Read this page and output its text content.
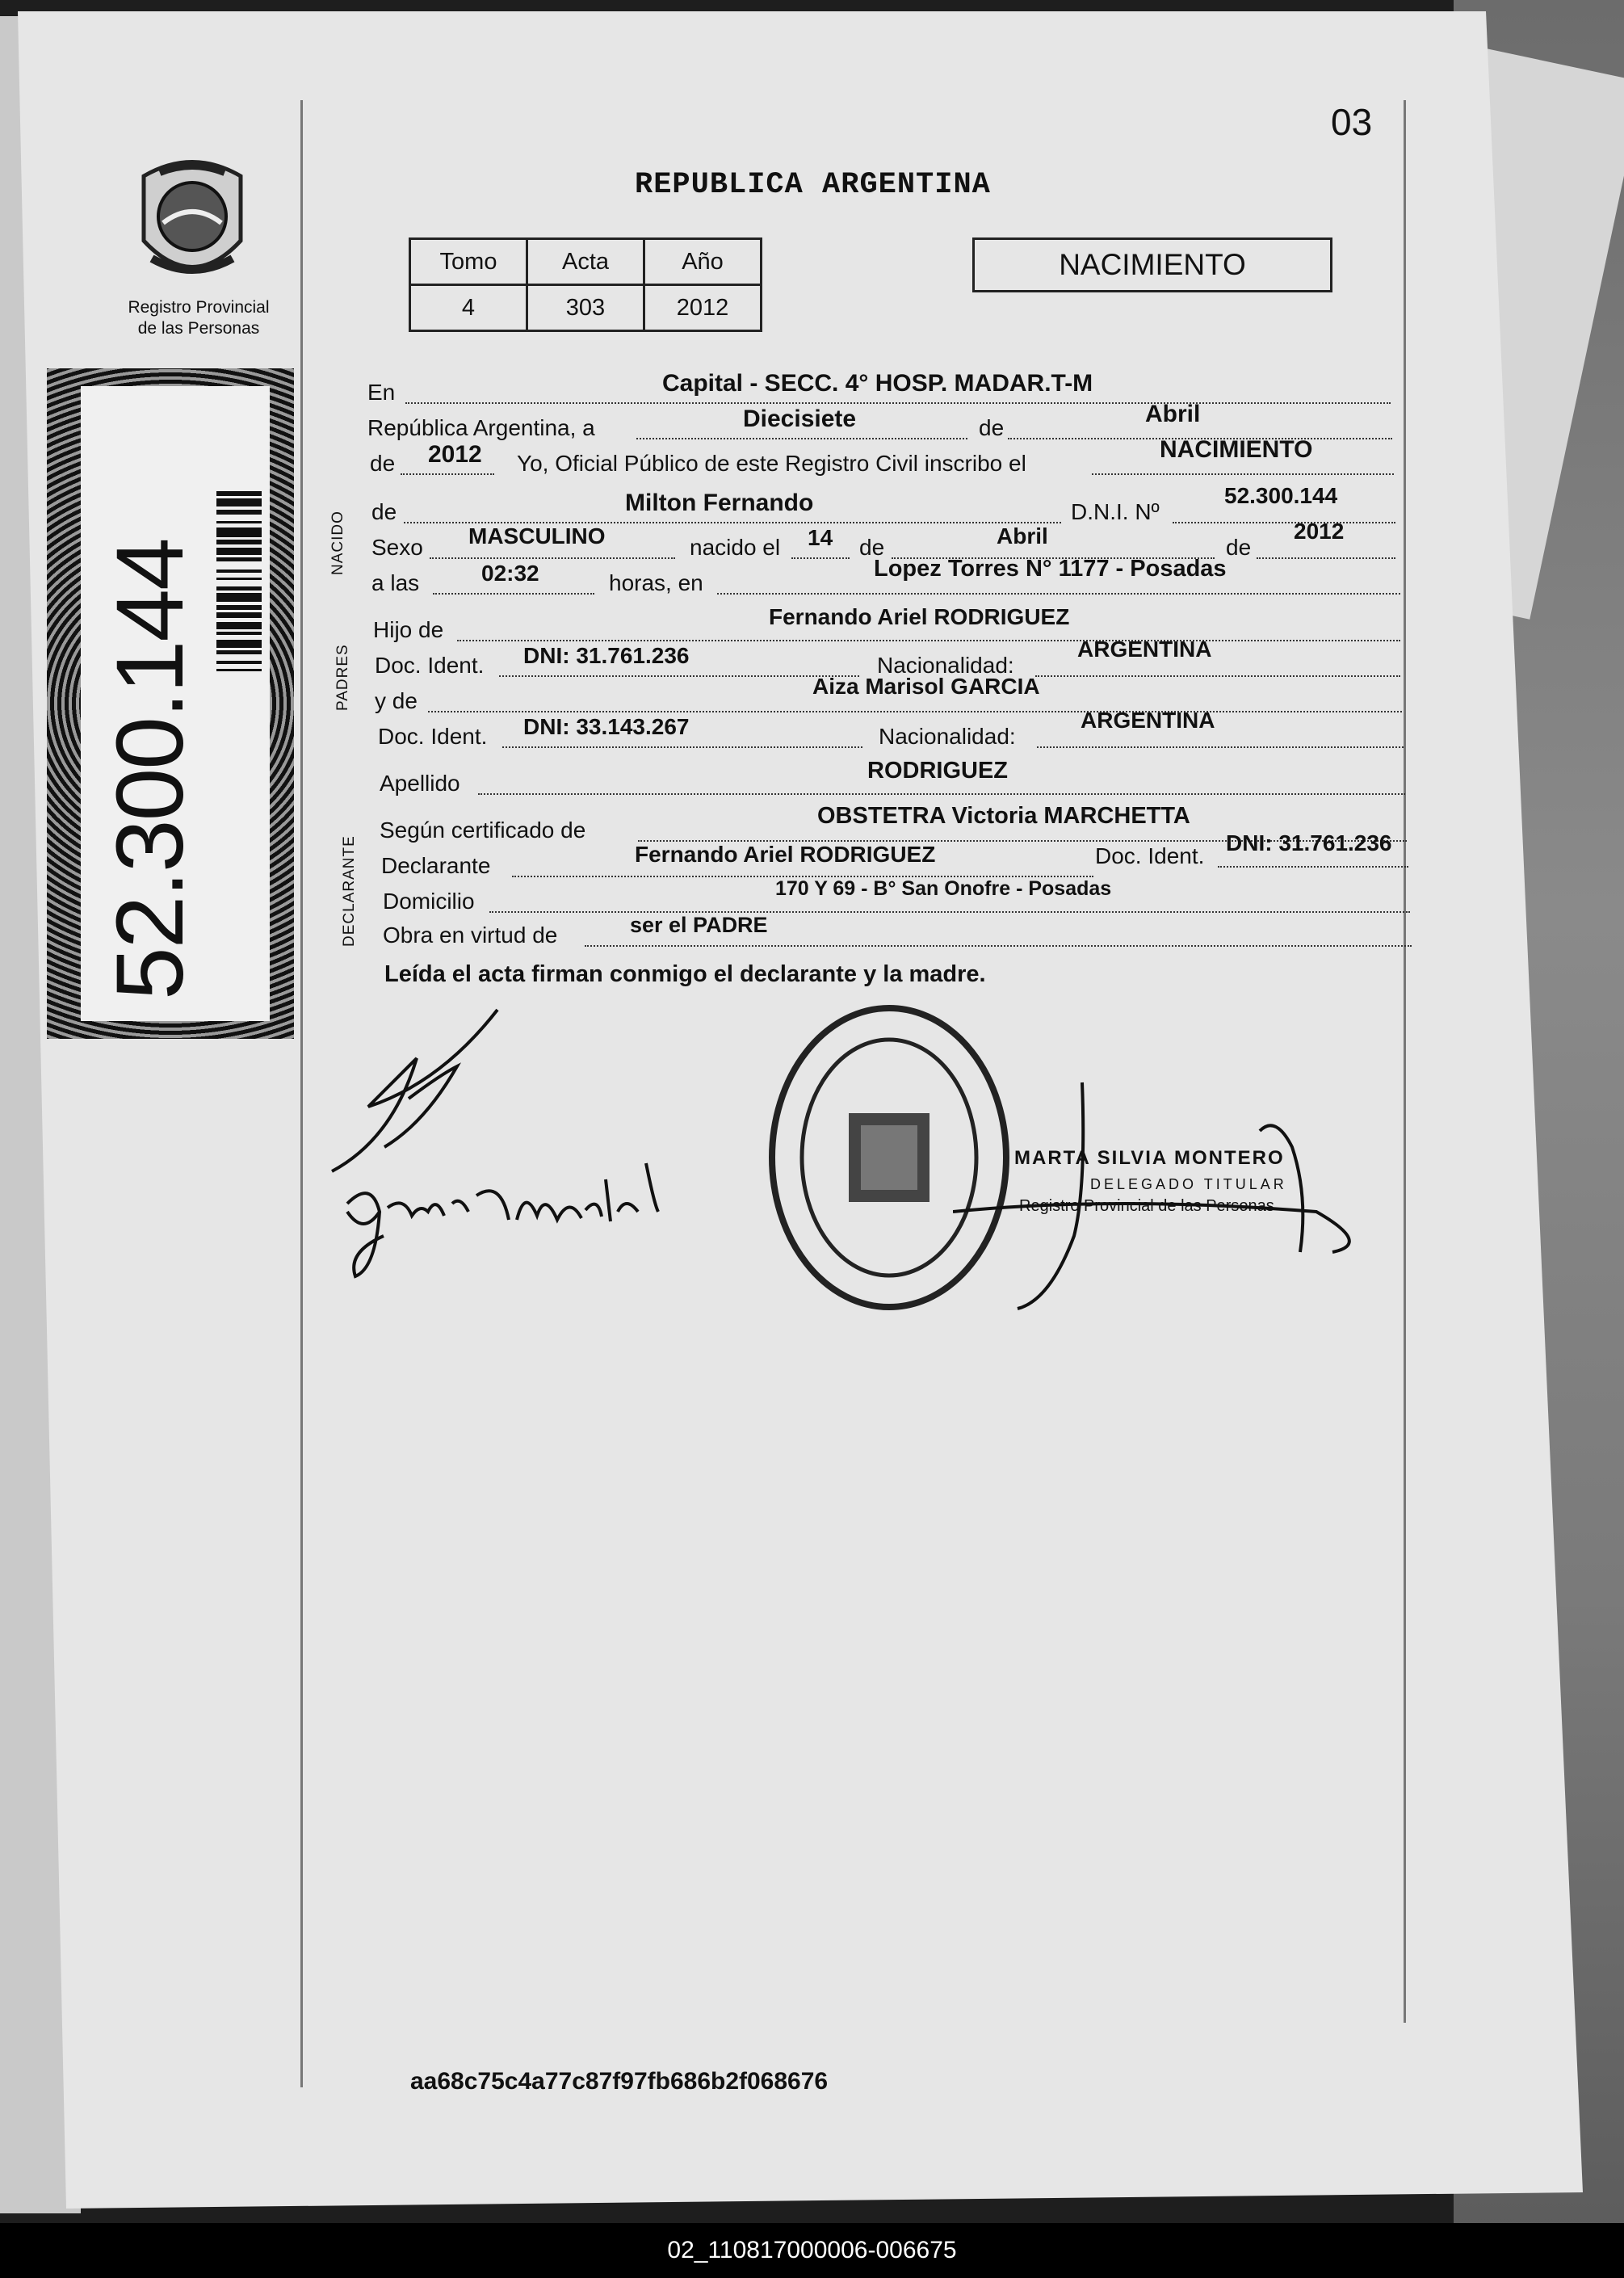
03
REPUBLICA ARGENTINA
Tomo	Acta	Año
4	303	2012
NACIMIENTO
Registro Provincial
de las Personas
52.300.144
En	Capital - SECC. 4° HOSP. MADAR.T-M
República Argentina, a	Diecisiete	de
Abril
de 2012 Yo, Oficial Público de este Registro Civil inscribo el
NACIMIENTO
NACIDO de	Milton Fernando	D.N.I. Nº
52.300.144
Sexo MASCULINO	nacido el 14 de	Abril	de
2012
a las	02:32	horas, en
Lopez Torres N° 1177 - Posadas
PADRES
Hijo de
Fernando Ariel RODRIGUEZ
Doc. Ident. DNI: 31.761.236	Nacionalidad:
ARGENTINA
y de
Aiza Marisol GARCIA
Doc. Ident. DNI: 33.143.267	Nacionalidad:
ARGENTINA
Apellido	RODRIGUEZ
DECLARANTE
Según certificado de
OBSTETRA Victoria MARCHETTA
Declarante	Fernando Ariel RODRIGUEZ	Doc. Ident.
DNI: 31.761.236
Domicilio	170 Y 69 - B° San Onofre - Posadas
Obra en virtud de	ser el PADRE
Leída el acta firman conmigo el declarante y la madre.
MARTA SILVIA MONTERO
DELEGADO TITULAR
Registro Provincial de las Personas
aa68c75c4a77c87f97fb686b2f068676
02_110817000006-006675
